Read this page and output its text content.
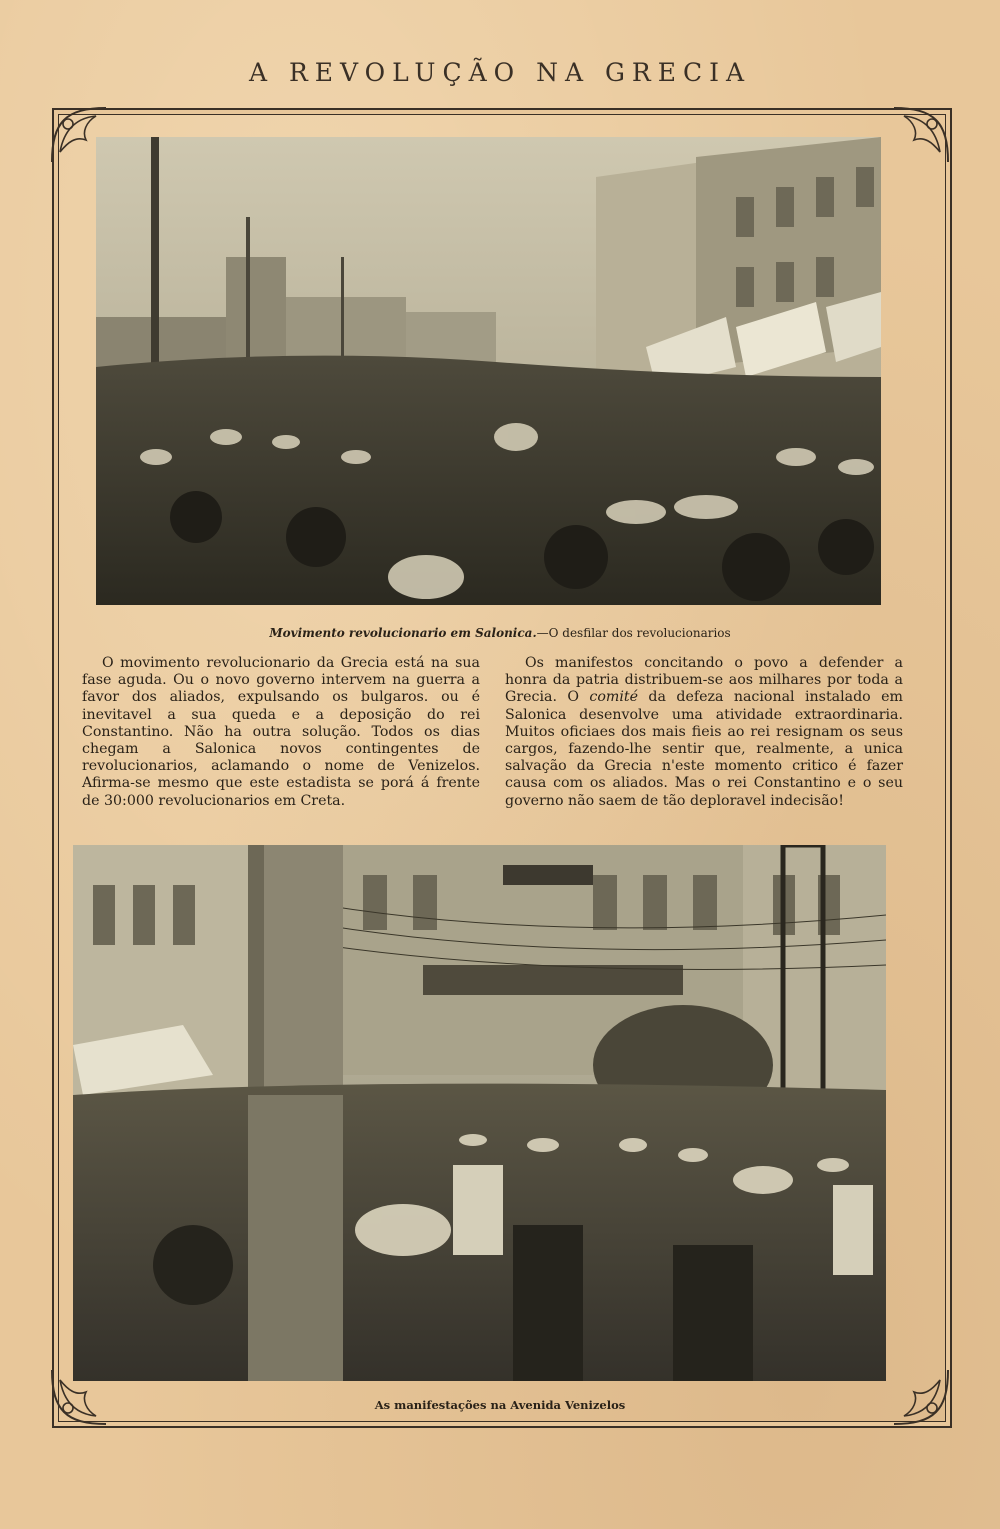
A REVOLUÇÃO NA GRECIA
Movimento revolucionario em Salonica.—O desfilar dos revolucionarios

O movimento revolucionario da Grecia está na sua fase aguda. Ou o novo governo intervem na guerra a favor dos aliados, expulsando os bulgaros. ou é inevitavel a sua queda e a deposição do rei Constantino. Não ha outra solução. Todos os dias chegam a Salonica novos contingentes de revolucionarios, aclamando o nome de Venizelos. Afirma-se mesmo que este estadista se porá á frente de 30:000 revolucionarios em Creta.

Os manifestos concitando o povo a defender a honra da patria distribuem-se aos milhares por toda a Grecia. O comité da defeza nacional instalado em Salonica desenvolve uma atividade extraordinaria. Muitos oficiaes dos mais fieis ao rei resignam os seus cargos, fazendo-lhe sentir que, realmente, a unica salvação da Grecia n'este momento critico é fazer causa com os aliados. Mas o rei Constantino e o seu governo não saem de tão deploravel indecisão!

As manifestações na Avenida Venizelos
